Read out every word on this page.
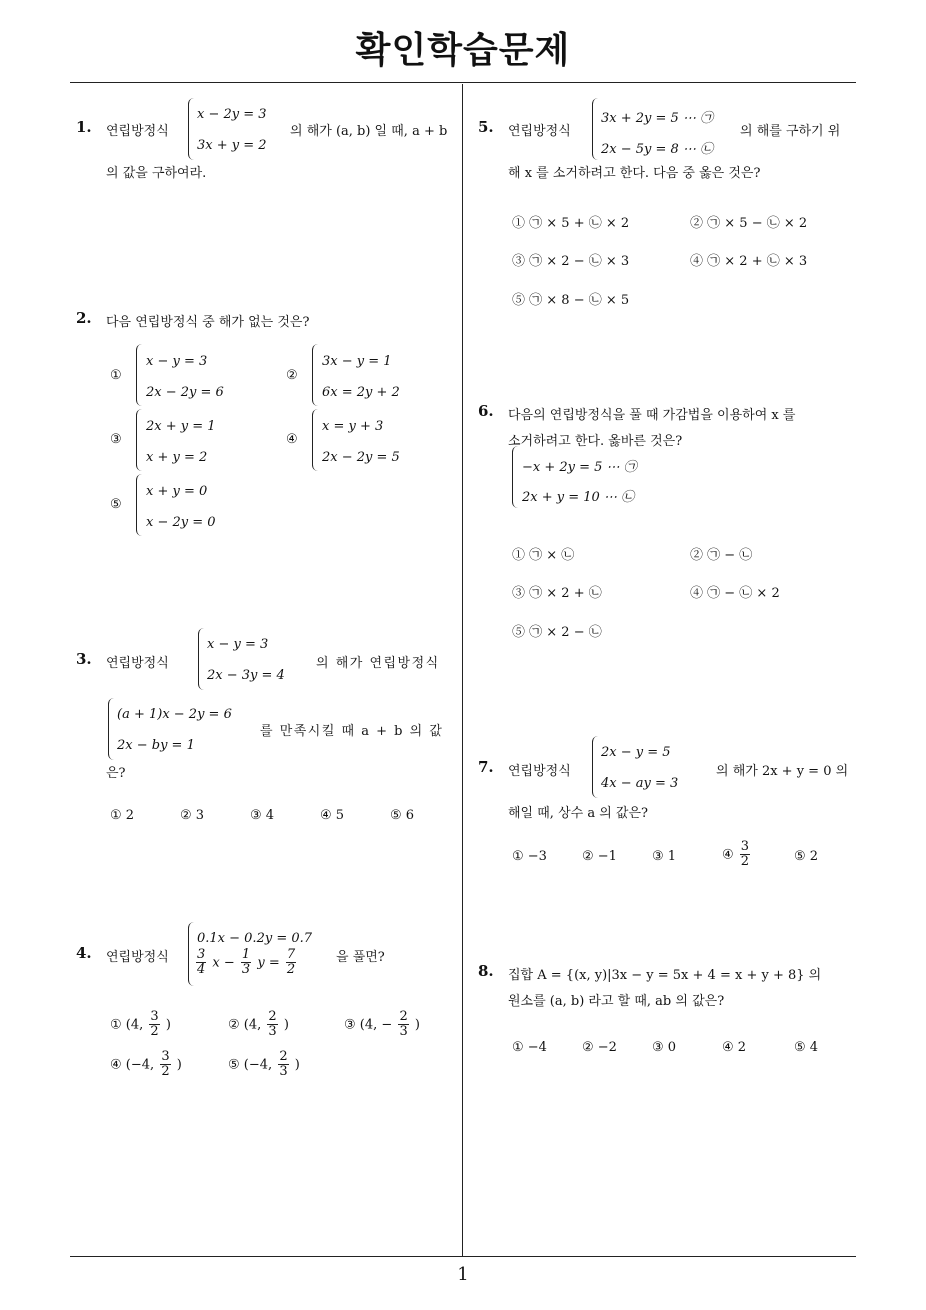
확인학습문제
1
1. 연립방정식
x − 2y = 3
3x + y = 2
의 해가 (a, b) 일 때, a + b
의 값을 구하여라.
2. 다음 연립방정식 중 해가 없는 것은?
①
x − y = 3
2x − 2y = 6
②
3x − y = 1
6x = 2y + 2
③
2x + y = 1
x + y = 2
④
x = y + 3
2x − 2y = 5
⑤
x + y = 0
x − 2y = 0
3. 연립방정식
x − y = 3
2x − 3y = 4
의 해가 연립방정식
(a + 1)x − 2y = 6
2x − by = 1
를 만족시킬 때 a + b 의 값
은?
① 2	② 3	③ 4	④ 5	⑤ 6
4. 연립방정식
0.1x − 0.2y = 0.7
$\frac{3}{4}$ $x - \frac{1}{3}$ $y = \frac{7}{2}$	을 풀면?
① (4, $\frac{3}{2}$ )	② (4, $\frac{2}{3}$ )	③ (4, − $\frac{2}{3}$ )
④ (−4, $\frac{3}{2}$ )	⑤ (−4, $\frac{2}{3}$ )
5. 연립방정식
3x + 2y = 5 ⋯ ㉠
2x − 5y = 8 ⋯ ㉡
의 해를 구하기 위
해 x 를 소거하려고 한다. 다음 중 옳은 것은?
① ㉠ × 5 + ㉡ × 2	② ㉠ × 5 − ㉡ × 2
③ ㉠ × 2 − ㉡ × 3	④ ㉠ × 2 + ㉡ × 3
⑤ ㉠ × 8 − ㉡ × 5
6. 다음의 연립방정식을 풀 때 가감법을 이용하여 x 를
소거하려고 한다. 옳바른 것은?
−x + 2y = 5 ⋯ ㉠
2x + y = 10 ⋯ ㉡
① ㉠ × ㉡	② ㉠ − ㉡
③ ㉠ × 2 + ㉡	④ ㉠ − ㉡ × 2
⑤ ㉠ × 2 − ㉡
7. 연립방정식
2x − y = 5
4x − ay = 3
의 해가 2x + y = 0 의
해일 때, 상수 a 의 값은?
① −3	② −1	③ 1	④ $\frac{3}{2}$	⑤ 2
8. 집합 A = {(x, y)|3x − y = 5x + 4 = x + y + 8} 의
원소를 (a, b) 라고 할 때, ab 의 값은?
① −4	② −2	③ 0	④ 2	⑤ 4
